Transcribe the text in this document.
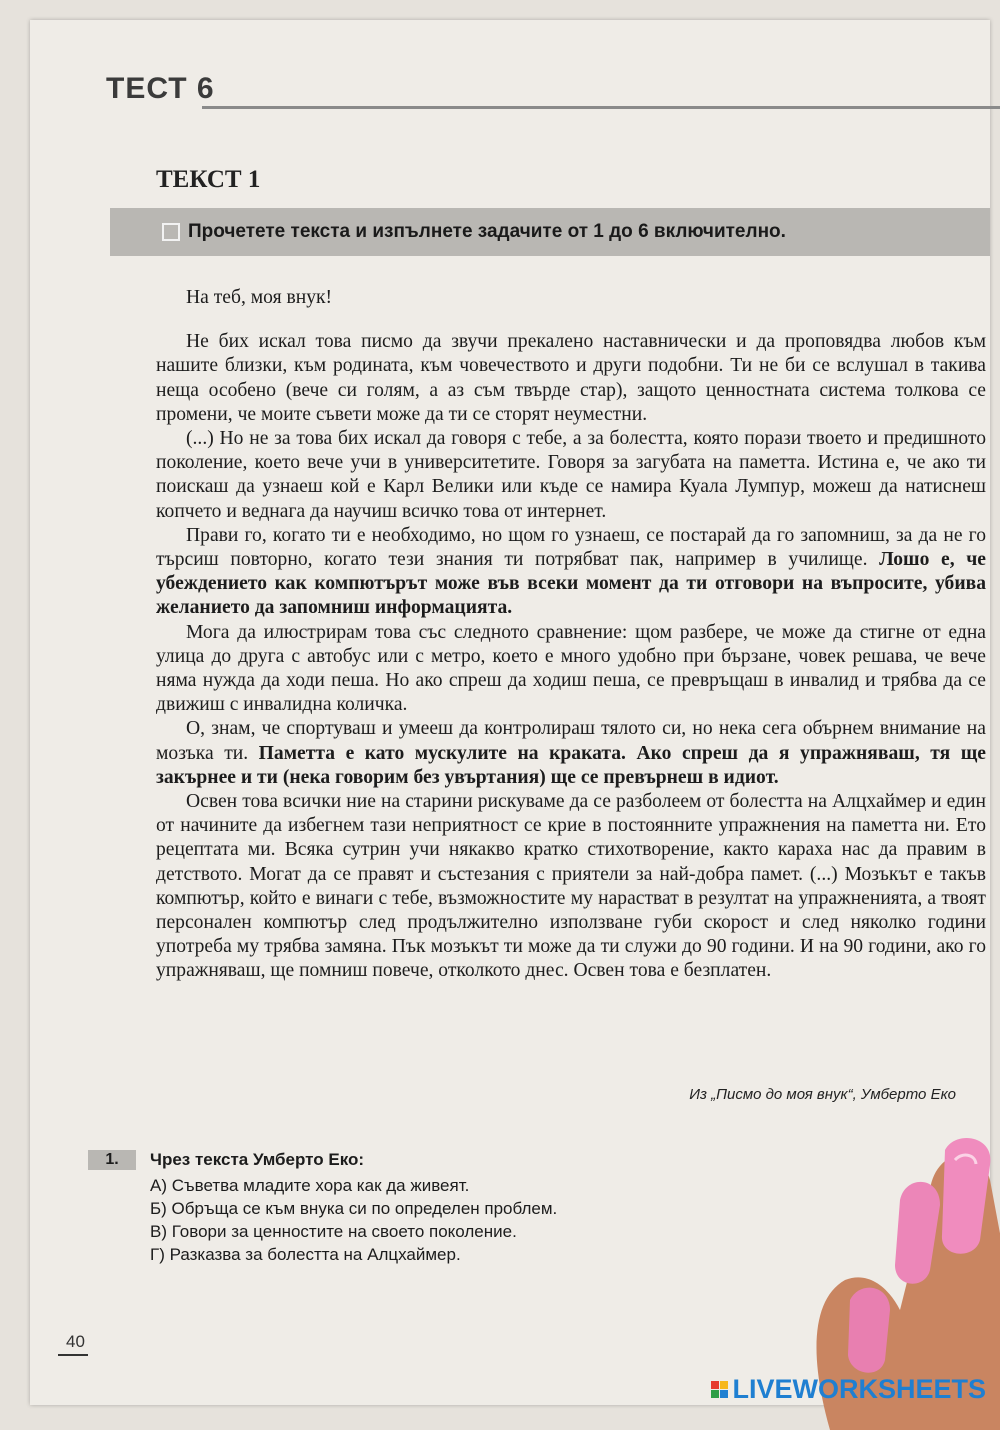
ТЕСТ 6
ТЕКСТ 1
Прочетете текста и изпълнете задачите от 1 до 6 включително.
На теб, моя внук!

Не бих искал това писмо да звучи прекалено наставнически и да проповядва любов към нашите близки, към родината, към човечеството и други подобни. Ти не би се вслушал в такива неща особено (вече си голям, а аз съм твърде стар), защото ценностната система толкова се промени, че моите съвети може да ти се сторят неуместни.

(...) Но не за това бих искал да говоря с тебе, а за болестта, която порази твоето и предишното поколение, което вече учи в университетите. Говоря за загубата на паметта. Истина е, че ако ти поискаш да узнаеш кой е Карл Велики или къде се намира Куала Лумпур, можеш да натиснеш копчето и веднага да научиш всичко това от интернет.

Прави го, когато ти е необходимо, но щом го узнаеш, се постарай да го запомниш, за да не го търсиш повторно, когато тези знания ти потрябват пак, например в училище. Лошо е, че убеждението как компютърът може във всеки момент да ти отговори на въпросите, убива желанието да запомниш информацията.

Мога да илюстрирам това със следното сравнение: щом разбере, че може да стигне от една улица до друга с автобус или с метро, което е много удобно при бързане, човек решава, че вече няма нужда да ходи пеша. Но ако спреш да ходиш пеша, се превръщаш в инвалид и трябва да се движиш с инвалидна количка.

О, знам, че спортуваш и умееш да контролираш тялото си, но нека сега обърнем внимание на мозъка ти. Паметта е като мускулите на краката. Ако спреш да я упражняваш, тя ще закърнее и ти (нека говорим без увъртания) ще се превърнеш в идиот.

Освен това всички ние на старини рискуваме да се разболеем от болестта на Алцхаймер и един от начините да избегнем тази неприятност се крие в постоянните упражнения на паметта ни. Ето рецептата ми. Всяка сутрин учи някакво кратко стихотворение, както караха нас да правим в детството. Могат да се правят и състезания с приятели за най-добра памет. (...) Мозъкът е такъв компютър, който е винаги с тебе, възможностите му нарастват в резултат на упражненията, а твоят персонален компютър след продължително използване губи скорост и след няколко години употреба му трябва замяна. Пък мозъкът ти може да ти служи до 90 години. И на 90 години, ако го упражняваш, ще помниш повече, отколкото днес. Освен това е безплатен.

Из „Писмо до моя внук“, Умберто Еко
1.	Чрез текста Умберто Еко:
А) Съветва младите хора как да живеят.
Б) Обръща се към внука си по определен проблем.
В) Говори за ценностите на своето поколение.
Г) Разказва за болестта на Алцхаймер.
40
LIVEWORKSHEETS
